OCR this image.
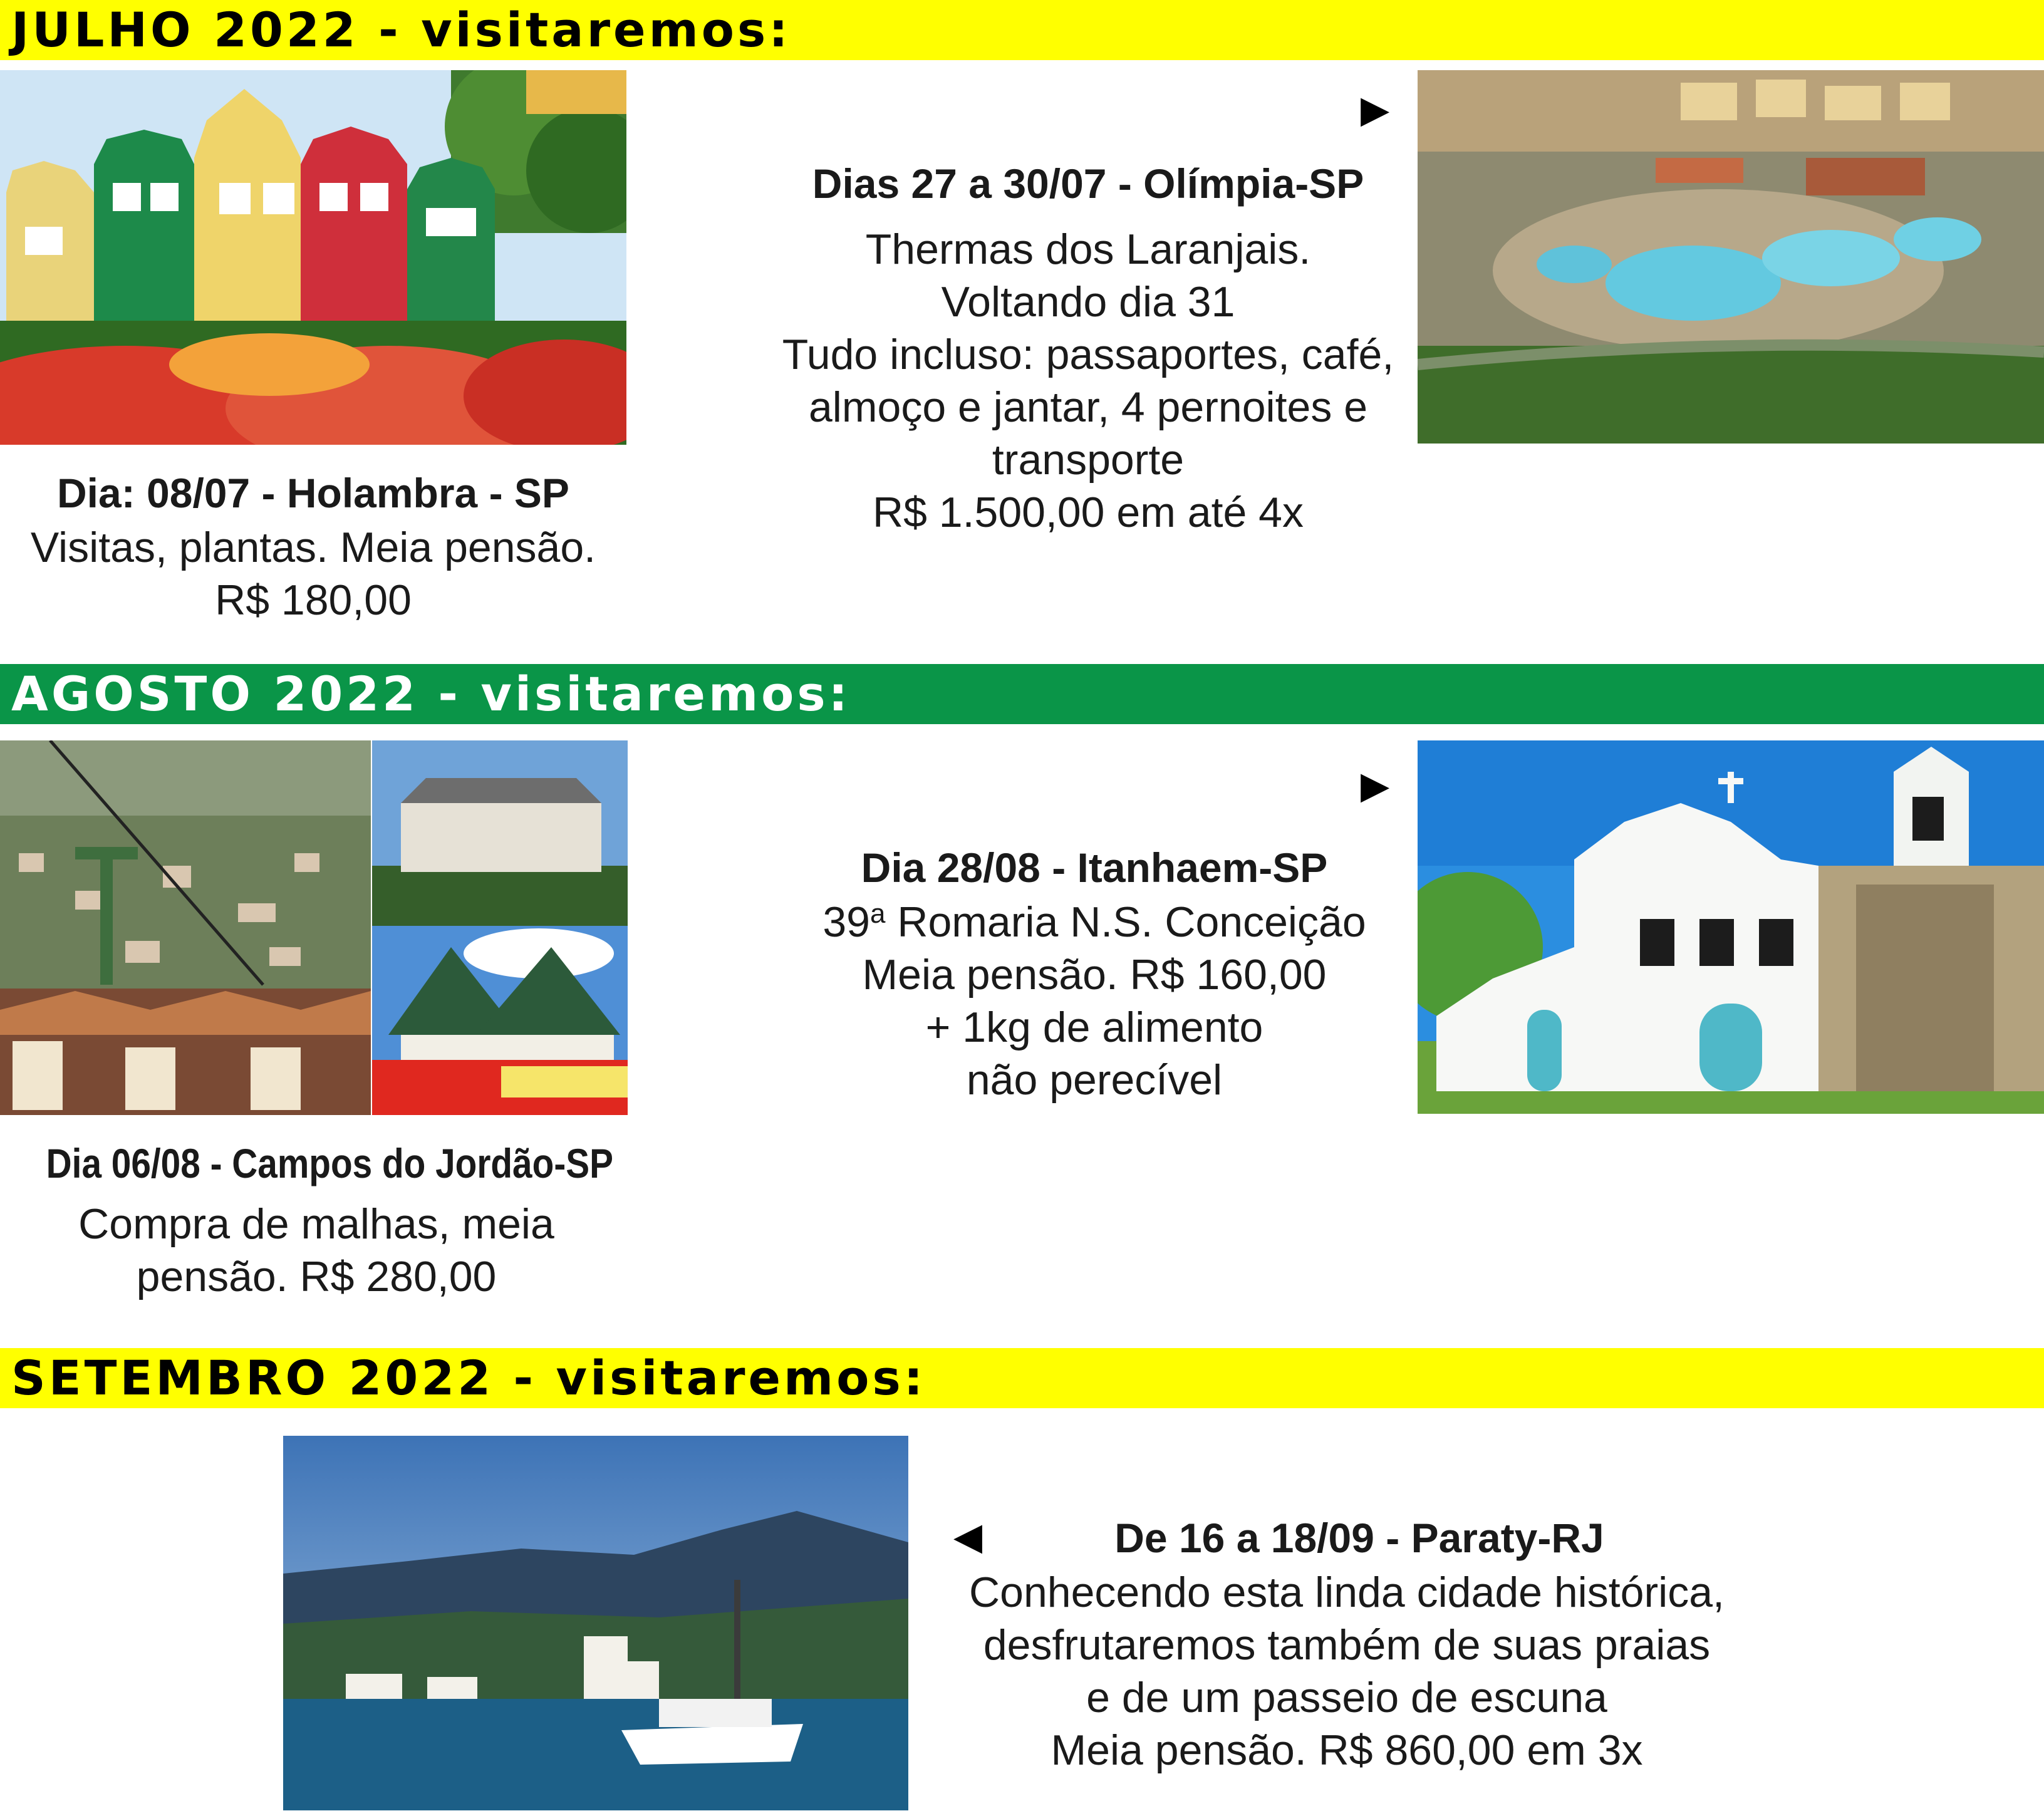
JULHO 2022 - visitaremos:
Dia: 08/07 - Holambra - SP
Visitas, plantas. Meia pensão.
R$ 180,00
▶
Dias 27 a 30/07 - Olímpia-SP
Thermas dos Laranjais.
Voltando dia 31
Tudo incluso: passaportes, café,
almoço e jantar, 4 pernoites e
transporte
R$ 1.500,00 em até 4x
AGOSTO 2022 - visitaremos:
Dia 06/08 - Campos do Jordão-SP
Compra de malhas, meia
pensão. R$ 280,00
▶
Dia 28/08 - Itanhaem-SP
39$^a$ Romaria N.S. Conceição
Meia pensão. R$ 160,00
+ 1kg de alimento
não perecível
SETEMBRO 2022 - visitaremos:
◀	De 16 a 18/09 - Paraty-RJ
Conhecendo esta linda cidade histórica,
desfrutaremos também de suas praias
e de um passeio de escuna
Meia pensão. R$ 860,00 em 3x
